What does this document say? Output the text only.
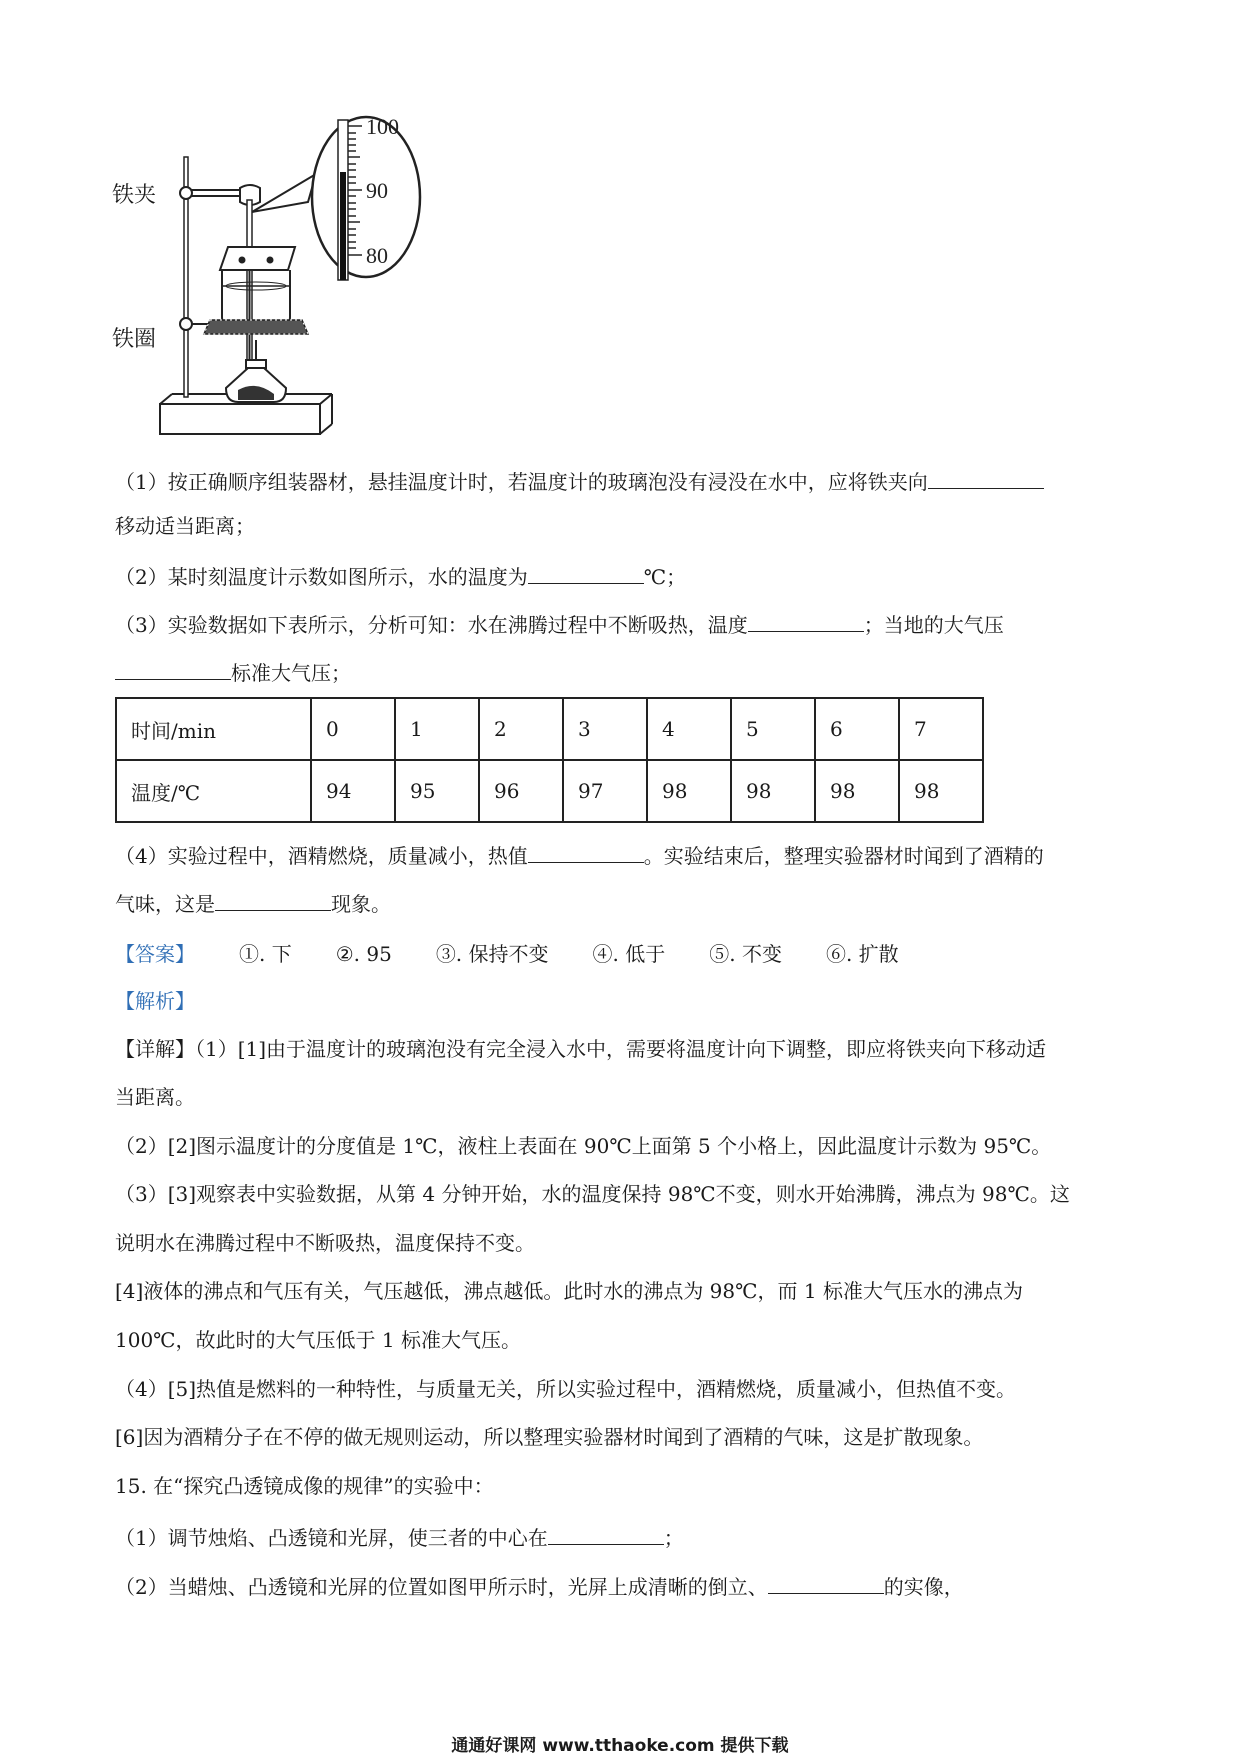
100
90
80
铁夹
铁圈
（1）按正确顺序组装器材，悬挂温度计时，若温度计的玻璃泡没有浸没在水中，应将铁夹向
移动适当距离；
（2）某时刻温度计示数如图所示，水的温度为	℃；
（3）实验数据如下表所示，分析可知：水在沸腾过程中不断吸热，温度	；当地的大气压
标准大气压；
时间/min	0	1	2	3	4	5	6	7
温度/℃	94	95	96	97	98	98	98	98
（4）实验过程中，酒精燃烧，质量减小，热值	。实验结束后，整理实验器材时闻到了酒精的
气味，这是	现象。
【答案】 ①. 下 ②. 95 ③. 保持不变 ④. 低于 ⑤. 不变 ⑥. 扩散
【解析】
【详解】（1）[1]由于温度计的玻璃泡没有完全浸入水中，需要将温度计向下调整，即应将铁夹向下移动适
当距离。
（2）[2]图示温度计的分度值是 1℃，液柱上表面在 90℃上面第 5 个小格上，因此温度计示数为 95℃。
（3）[3]观察表中实验数据，从第 4 分钟开始，水的温度保持 98℃不变，则水开始沸腾，沸点为 98℃。这
说明水在沸腾过程中不断吸热，温度保持不变。
[4]液体的沸点和气压有关，气压越低，沸点越低。此时水的沸点为 98℃，而 1 标准大气压水的沸点为
100℃，故此时的大气压低于 1 标准大气压。
（4）[5]热值是燃料的一种特性，与质量无关，所以实验过程中，酒精燃烧，质量减小，但热值不变。
[6]因为酒精分子在不停的做无规则运动，所以整理实验器材时闻到了酒精的气味，这是扩散现象。
15. 在“探究凸透镜成像的规律”的实验中：
（1）调节烛焰、凸透镜和光屏，使三者的中心在	；
（2）当蜡烛、凸透镜和光屏的位置如图甲所示时，光屏上成清晰的倒立、	的实像，
通通好课网 www.tthaoke.com 提供下载
